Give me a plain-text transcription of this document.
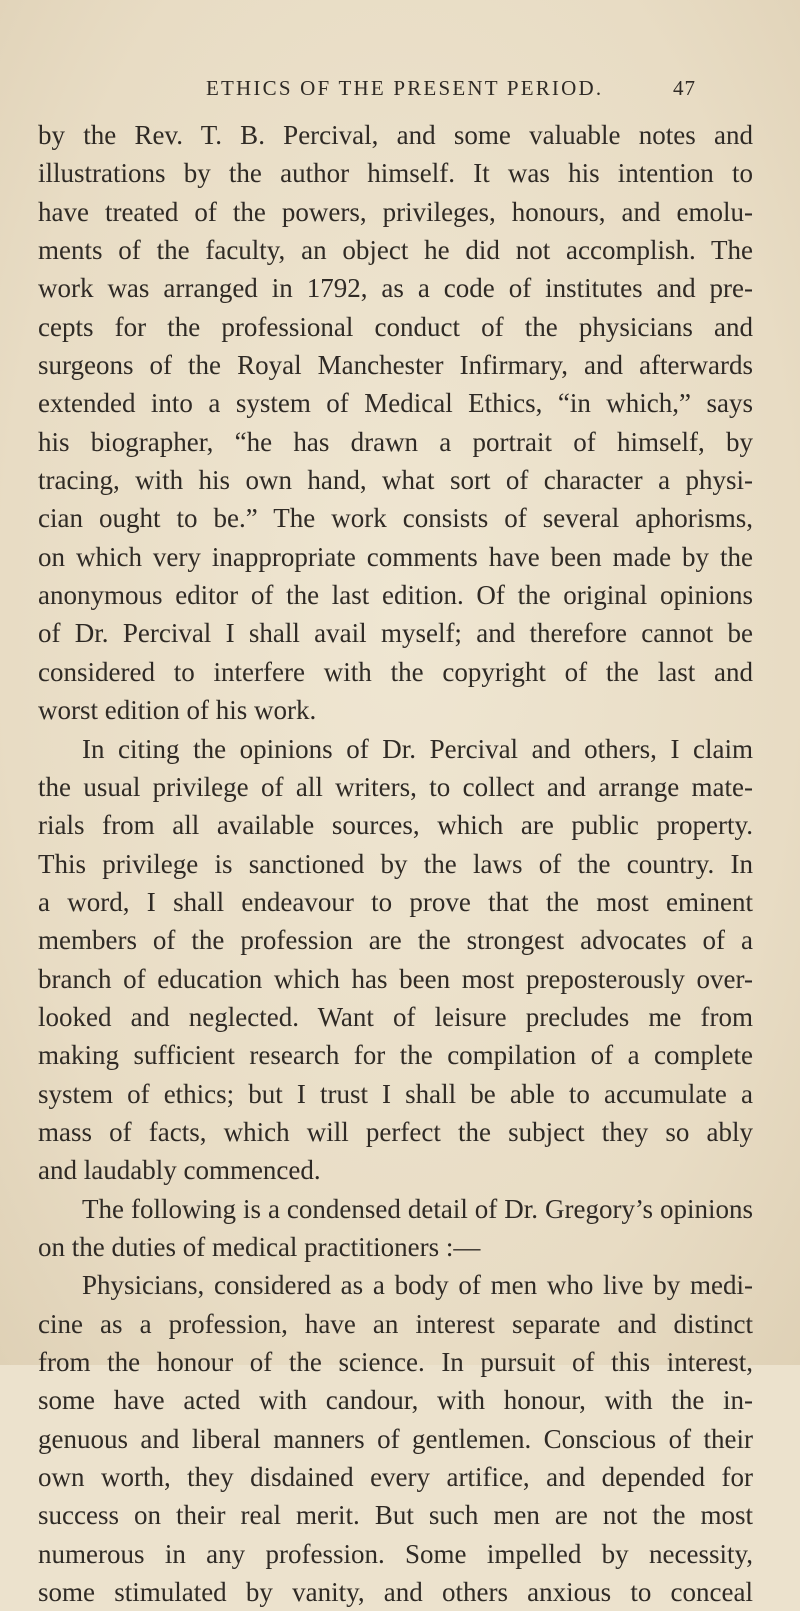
ETHICS OF THE PRESENT PERIOD.	47
by the Rev. T. B. Percival, and some valuable notes and
illustrations by the author himself. It was his intention to
have treated of the powers, privileges, honours, and emolu-
ments of the faculty, an object he did not accomplish. The
work was arranged in 1792, as a code of institutes and pre-
cepts for the professional conduct of the physicians and
surgeons of the Royal Manchester Infirmary, and afterwards
extended into a system of Medical Ethics, “in which,” says
his biographer, “he has drawn a portrait of himself, by
tracing, with his own hand, what sort of character a physi-
cian ought to be.” The work consists of several aphorisms,
on which very inappropriate comments have been made by the
anonymous editor of the last edition. Of the original opinions
of Dr. Percival I shall avail myself; and therefore cannot be
considered to interfere with the copyright of the last and
worst edition of his work.
In citing the opinions of Dr. Percival and others, I claim
the usual privilege of all writers, to collect and arrange mate-
rials from all available sources, which are public property.
This privilege is sanctioned by the laws of the country. In
a word, I shall endeavour to prove that the most eminent
members of the profession are the strongest advocates of a
branch of education which has been most preposterously over-
looked and neglected. Want of leisure precludes me from
making sufficient research for the compilation of a complete
system of ethics; but I trust I shall be able to accumulate a
mass of facts, which will perfect the subject they so ably
and laudably commenced.
The following is a condensed detail of Dr. Gregory’s opinions
on the duties of medical practitioners :—
Physicians, considered as a body of men who live by medi-
cine as a profession, have an interest separate and distinct
from the honour of the science. In pursuit of this interest,
some have acted with candour, with honour, with the in-
genuous and liberal manners of gentlemen. Conscious of their
own worth, they disdained every artifice, and depended for
success on their real merit. But such men are not the most
numerous in any profession. Some impelled by necessity,
some stimulated by vanity, and others anxious to conceal
